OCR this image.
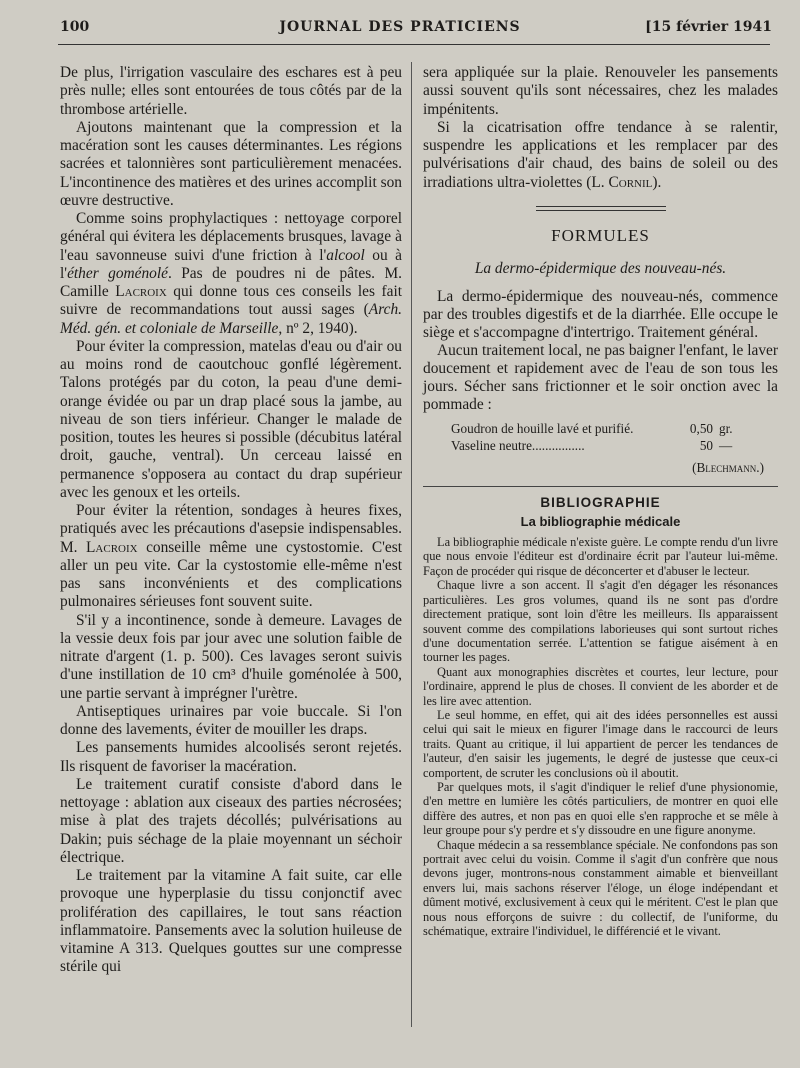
100	JOURNAL DES PRATICIENS	[15 février 1941

De plus, l'irrigation vasculaire des eschares est à peu près nulle; elles sont entourées de tous côtés par de la thrombose artérielle.

Ajoutons maintenant que la compression et la macération sont les causes déterminantes. Les régions sacrées et talonnières sont particulièrement menacées. L'incontinence des matières et des urines accomplit son œuvre destructive.

Comme soins prophylactiques : nettoyage corporel général qui évitera les déplacements brusques, lavage à l'eau savonneuse suivi d'une friction à l'alcool ou à l'éther goménolé. Pas de poudres ni de pâtes. M. Camille Lacroix qui donne tous ces conseils les fait suivre de recommandations tout aussi sages (Arch. Méd. gén. et coloniale de Marseille, nº 2, 1940).

Pour éviter la compression, matelas d'eau ou d'air ou au moins rond de caoutchouc gonflé légèrement. Talons protégés par du coton, la peau d'une demi-orange évidée ou par un drap placé sous la jambe, au niveau de son tiers inférieur. Changer le malade de position, toutes les heures si possible (décubitus latéral droit, gauche, ventral). Un cerceau laissé en permanence s'opposera au contact du drap supérieur avec les genoux et les orteils.

Pour éviter la rétention, sondages à heures fixes, pratiqués avec les précautions d'asepsie indispensables. M. Lacroix conseille même une cystostomie. C'est aller un peu vite. Car la cystostomie elle-même n'est pas sans inconvénients et des complications pulmonaires sérieuses font souvent suite.

S'il y a incontinence, sonde à demeure. Lavages de la vessie deux fois par jour avec une solution faible de nitrate d'argent (1. p. 500). Ces lavages seront suivis d'une instillation de 10 cm³ d'huile goménolée à 500, une partie servant à imprégner l'urètre.

Antiseptiques urinaires par voie buccale. Si l'on donne des lavements, éviter de mouiller les draps.

Les pansements humides alcoolisés seront rejetés. Ils risquent de favoriser la macération.

Le traitement curatif consiste d'abord dans le nettoyage : ablation aux ciseaux des parties nécrosées; mise à plat des trajets décollés; pulvérisations au Dakin; puis séchage de la plaie moyennant un séchoir électrique.

Le traitement par la vitamine A fait suite, car elle provoque une hyperplasie du tissu conjonctif avec prolifération des capillaires, le tout sans réaction inflammatoire. Pansements avec la solution huileuse de vitamine A 313. Quelques gouttes sur une compresse stérile qui

sera appliquée sur la plaie. Renouveler les pansements aussi souvent qu'ils sont nécessaires, chez les malades impénitents.

Si la cicatrisation offre tendance à se ralentir, suspendre les applications et les remplacer par des pulvérisations d'air chaud, des bains de soleil ou des irradiations ultra-violettes (L. Cornil).

FORMULES
La dermo-épidermique des nouveau-nés.

La dermo-épidermique des nouveau-nés, commence par des troubles digestifs et de la diarrhée. Elle occupe le siège et s'accompagne d'intertrigo. Traitement général.

Aucun traitement local, ne pas baigner l'enfant, le laver doucement et rapidement avec de l'eau de son tous les jours. Sécher sans frictionner et le soir onction avec la pommade :

Goudron de houille lavé et purifié.	0,50 gr.
Vaseline neutre................	50 —
(Blechmann.)
BIBLIOGRAPHIE
La bibliographie médicale

La bibliographie médicale n'existe guère. Le compte rendu d'un livre que nous envoie l'éditeur est d'ordinaire écrit par l'auteur lui-même. Façon de procéder qui risque de déconcerter et d'abuser le lecteur.

Chaque livre a son accent. Il s'agit d'en dégager les résonances particulières. Les gros volumes, quand ils ne sont pas d'ordre directement pratique, sont loin d'être les meilleurs. Ils apparaissent souvent comme des compilations laborieuses qui sont surtout riches d'une documentation serrée. L'attention se fatigue aisément à en tourner les pages.

Quant aux monographies discrètes et courtes, leur lecture, pour l'ordinaire, apprend le plus de choses. Il convient de les aborder et de les lire avec attention.

Le seul homme, en effet, qui ait des idées personnelles est aussi celui qui sait le mieux en figurer l'image dans le raccourci de leurs traits. Quant au critique, il lui appartient de percer les tendances de l'auteur, d'en saisir les jugements, le degré de justesse que ceux-ci comportent, de scruter les conclusions où il aboutit.

Par quelques mots, il s'agit d'indiquer le relief d'une physionomie, d'en mettre en lumière les côtés particuliers, de montrer en quoi elle diffère des autres, et non pas en quoi elle s'en rapproche et se mêle à leur groupe pour s'y perdre et s'y dissoudre en une figure anonyme.

Chaque médecin a sa ressemblance spéciale. Ne confondons pas son portrait avec celui du voisin. Comme il s'agit d'un confrère que nous devons juger, montrons-nous constamment aimable et bienveillant envers lui, mais sachons réserver l'éloge, un éloge indépendant et dûment motivé, exclusivement à ceux qui le méritent. C'est le plan que nous nous efforçons de suivre : du collectif, de l'uniforme, du schématique, extraire l'individuel, le différencié et le vivant.
